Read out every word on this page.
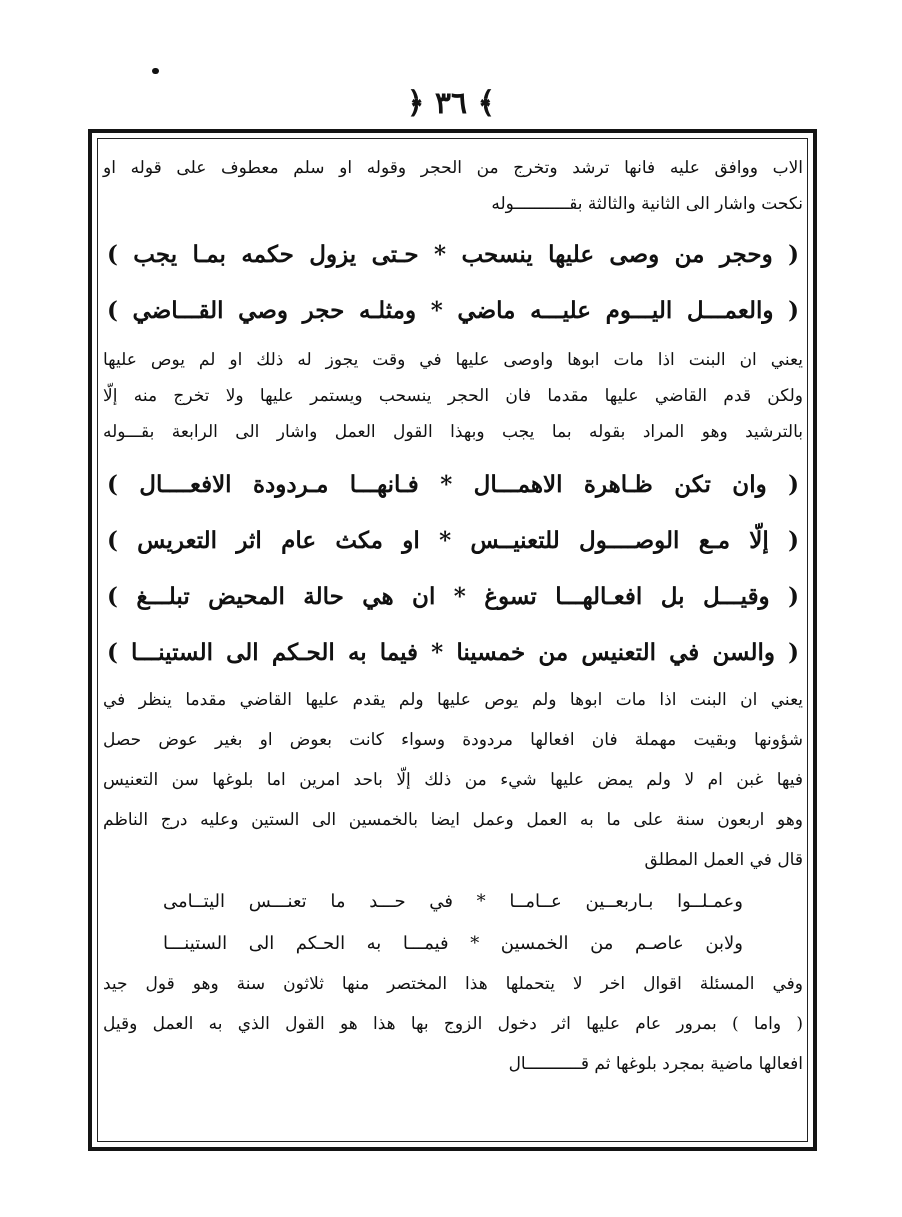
﴿ ٣٦ ﴾
الاب ووافق عليه فانها ترشد وتخرج من الحجر وقوله او سلم معطوف على قوله او
نكحت واشار الى الثانية والثالثة بقـــــــــــوله
( وحجر من وصى عليها ينسحب * حـتى يزول حكمه بمـا يجب )
( والعمـــل اليـــوم عليـــه ماضي * ومثلـه حجر وصي القـــاضي )
يعني ان البنت اذا مات ابوها واوصى عليها في وقت يجوز له ذلك او لم يوص عليها
ولكن قدم القاضي عليها مقدما فان الحجر ينسحب ويستمر عليها ولا تخرج منه إلّا
بالترشيد وهو المراد بقوله بما يجب وبهذا القول العمل واشار الى الرابعة بقـــوله
( وان تكن ظـاهرة الاهمـــال * فـانهـــا مـردودة الافعــــال )
( إلّا مـع الوصــــول للتعنيــس * او مكث عام اثر التعريس )
( وقيـــل بل افعـالهـــا تسوغ * ان هي حالة المحيض تبلـــغ )
( والسن في التعنيس من خمسينا * فيما به الحـكم الى الستينـــا )
يعني ان البنت اذا مات ابوها ولم يوص عليها ولم يقدم عليها القاضي مقدما ينظر في
شؤونها وبقيت مهملة فان افعالها مردودة وسواء كانت بعوض او بغير عوض حصل
فيها غبن ام لا ولم يمض عليها شيء من ذلك إلّا باحد امرين اما بلوغها سن التعنيس
وهو اربعون سنة على ما به العمل وعمل ايضا بالخمسين الى الستين وعليه درج الناظم
قال في العمل المطلق
وعمـلــوا بـاربعــين عــامــا * في حـــد ما تعنـــس اليتــامى
ولابن عاصـم من الخمسين * فيمـــا به الحـكم الى الستينـــا
وفي المسئلة اقوال اخر لا يتحملها هذا المختصر منها ثلاثون سنة وهو قول جيد
( واما ) بمرور عام عليها اثر دخول الزوج بها هذا هو القول الذي به العمل وقيل
افعالها ماضية بمجرد بلوغها ثم قـــــــــــال
